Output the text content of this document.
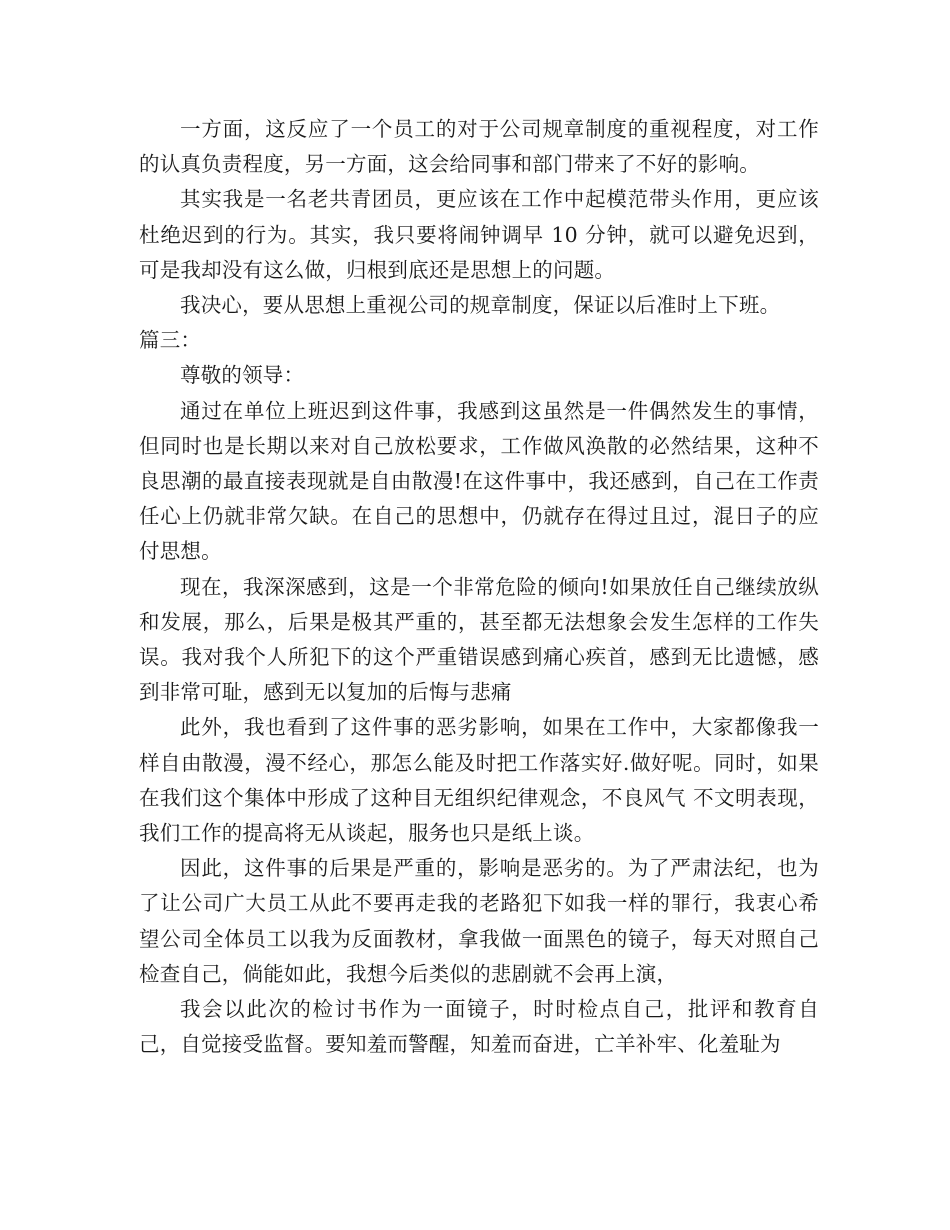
一方面，这反应了一个员工的对于公司规章制度的重视程度，对工作的认真负责程度，另一方面，这会给同事和部门带来了不好的影响。

其实我是一名老共青团员，更应该在工作中起模范带头作用，更应该杜绝迟到的行为。其实，我只要将闹钟调早 10 分钟，就可以避免迟到，可是我却没有这么做，归根到底还是思想上的问题。

我决心，要从思想上重视公司的规章制度，保证以后准时上下班。

篇三：

尊敬的领导：

通过在单位上班迟到这件事，我感到这虽然是一件偶然发生的事情，但同时也是长期以来对自己放松要求，工作做风涣散的必然结果，这种不良思潮的最直接表现就是自由散漫!在这件事中，我还感到，自己在工作责任心上仍就非常欠缺。在自己的思想中，仍就存在得过且过，混日子的应付思想。

现在，我深深感到，这是一个非常危险的倾向!如果放任自己继续放纵和发展，那么，后果是极其严重的，甚至都无法想象会发生怎样的工作失误。我对我个人所犯下的这个严重错误感到痛心疾首，感到无比遗憾，感到非常可耻，感到无以复加的后悔与悲痛

此外，我也看到了这件事的恶劣影响，如果在工作中，大家都像我一样自由散漫，漫不经心，那怎么能及时把工作落实好.做好呢。同时，如果在我们这个集体中形成了这种目无组织纪律观念，不良风气 不文明表现，我们工作的提高将无从谈起，服务也只是纸上谈。

因此，这件事的后果是严重的，影响是恶劣的。为了严肃法纪，也为了让公司广大员工从此不要再走我的老路犯下如我一样的罪行，我衷心希望公司全体员工以我为反面教材，拿我做一面黑色的镜子，每天对照自己检查自己，倘能如此，我想今后类似的悲剧就不会再上演，

我会以此次的检讨书作为一面镜子，时时检点自己，批评和教育自己，自觉接受监督。要知羞而警醒，知羞而奋进，亡羊补牢、化羞耻为
